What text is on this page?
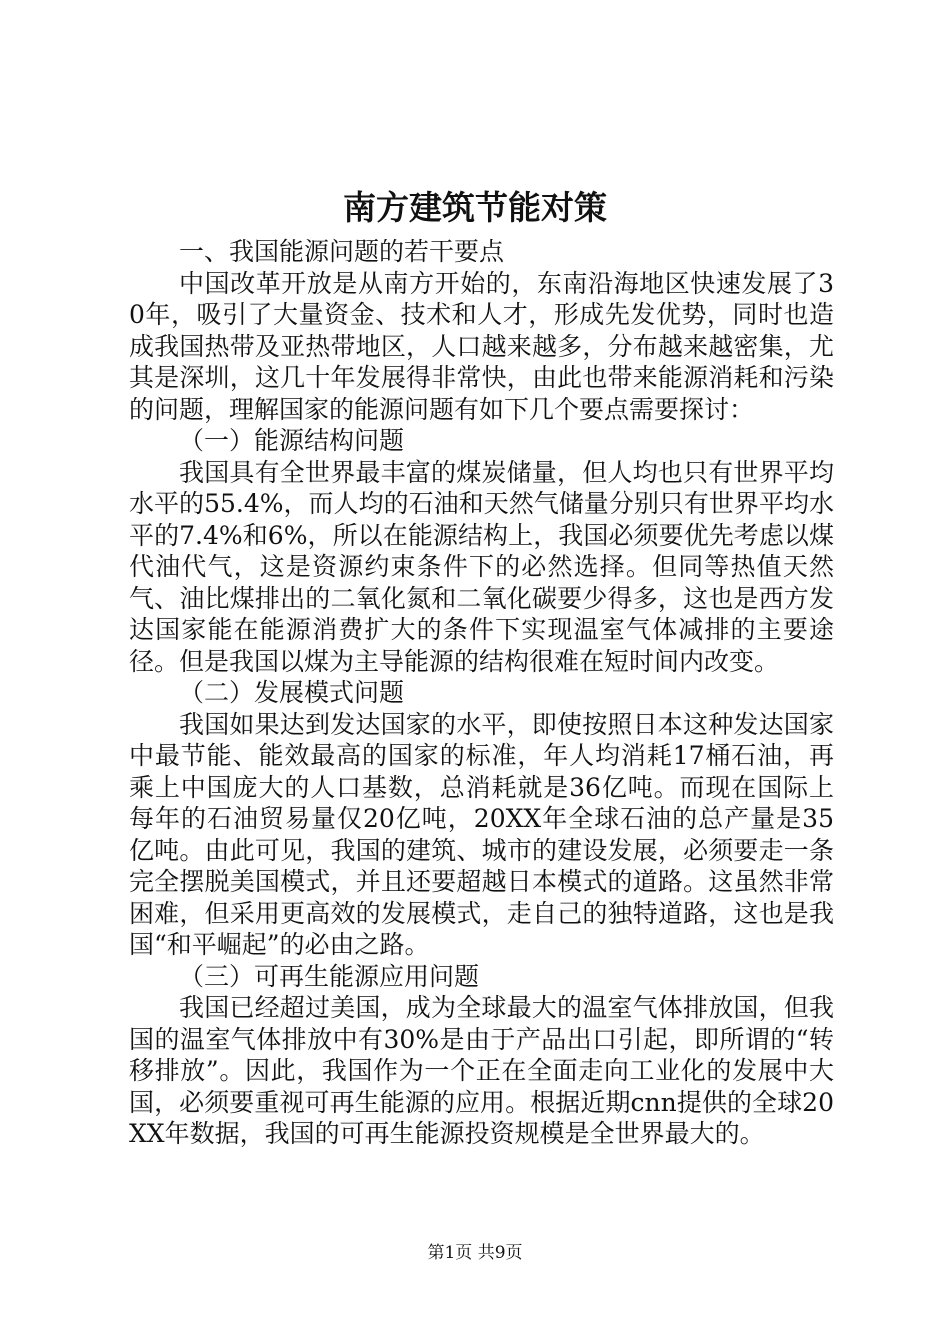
南方建筑节能对策

一、我国能源问题的若干要点

中国改革开放是从南方开始的，东南沿海地区快速发展了30年，吸引了大量资金、技术和人才，形成先发优势，同时也造成我国热带及亚热带地区，人口越来越多，分布越来越密集，尤其是深圳，这几十年发展得非常快，由此也带来能源消耗和污染的问题，理解国家的能源问题有如下几个要点需要探讨：

（一）能源结构问题

我国具有全世界最丰富的煤炭储量，但人均也只有世界平均水平的55.4%，而人均的石油和天然气储量分别只有世界平均水平的7.4%和6%，所以在能源结构上，我国必须要优先考虑以煤代油代气，这是资源约束条件下的必然选择。但同等热值天然气、油比煤排出的二氧化氮和二氧化碳要少得多，这也是西方发达国家能在能源消费扩大的条件下实现温室气体减排的主要途径。但是我国以煤为主导能源的结构很难在短时间内改变。

（二）发展模式问题

我国如果达到发达国家的水平，即使按照日本这种发达国家中最节能、能效最高的国家的标准，年人均消耗17桶石油，再乘上中国庞大的人口基数，总消耗就是36亿吨。而现在国际上每年的石油贸易量仅20亿吨，20XX年全球石油的总产量是35亿吨。由此可见，我国的建筑、城市的建设发展，必须要走一条完全摆脱美国模式，并且还要超越日本模式的道路。这虽然非常困难，但采用更高效的发展模式，走自己的独特道路，这也是我国“和平崛起”的必由之路。

（三）可再生能源应用问题

我国已经超过美国，成为全球最大的温室气体排放国，但我国的温室气体排放中有30%是由于产品出口引起，即所谓的“转移排放”。因此，我国作为一个正在全面走向工业化的发展中大国，必须要重视可再生能源的应用。根据近期cnn提供的全球20XX年数据，我国的可再生能源投资规模是全世界最大的。

第1页 共9页
